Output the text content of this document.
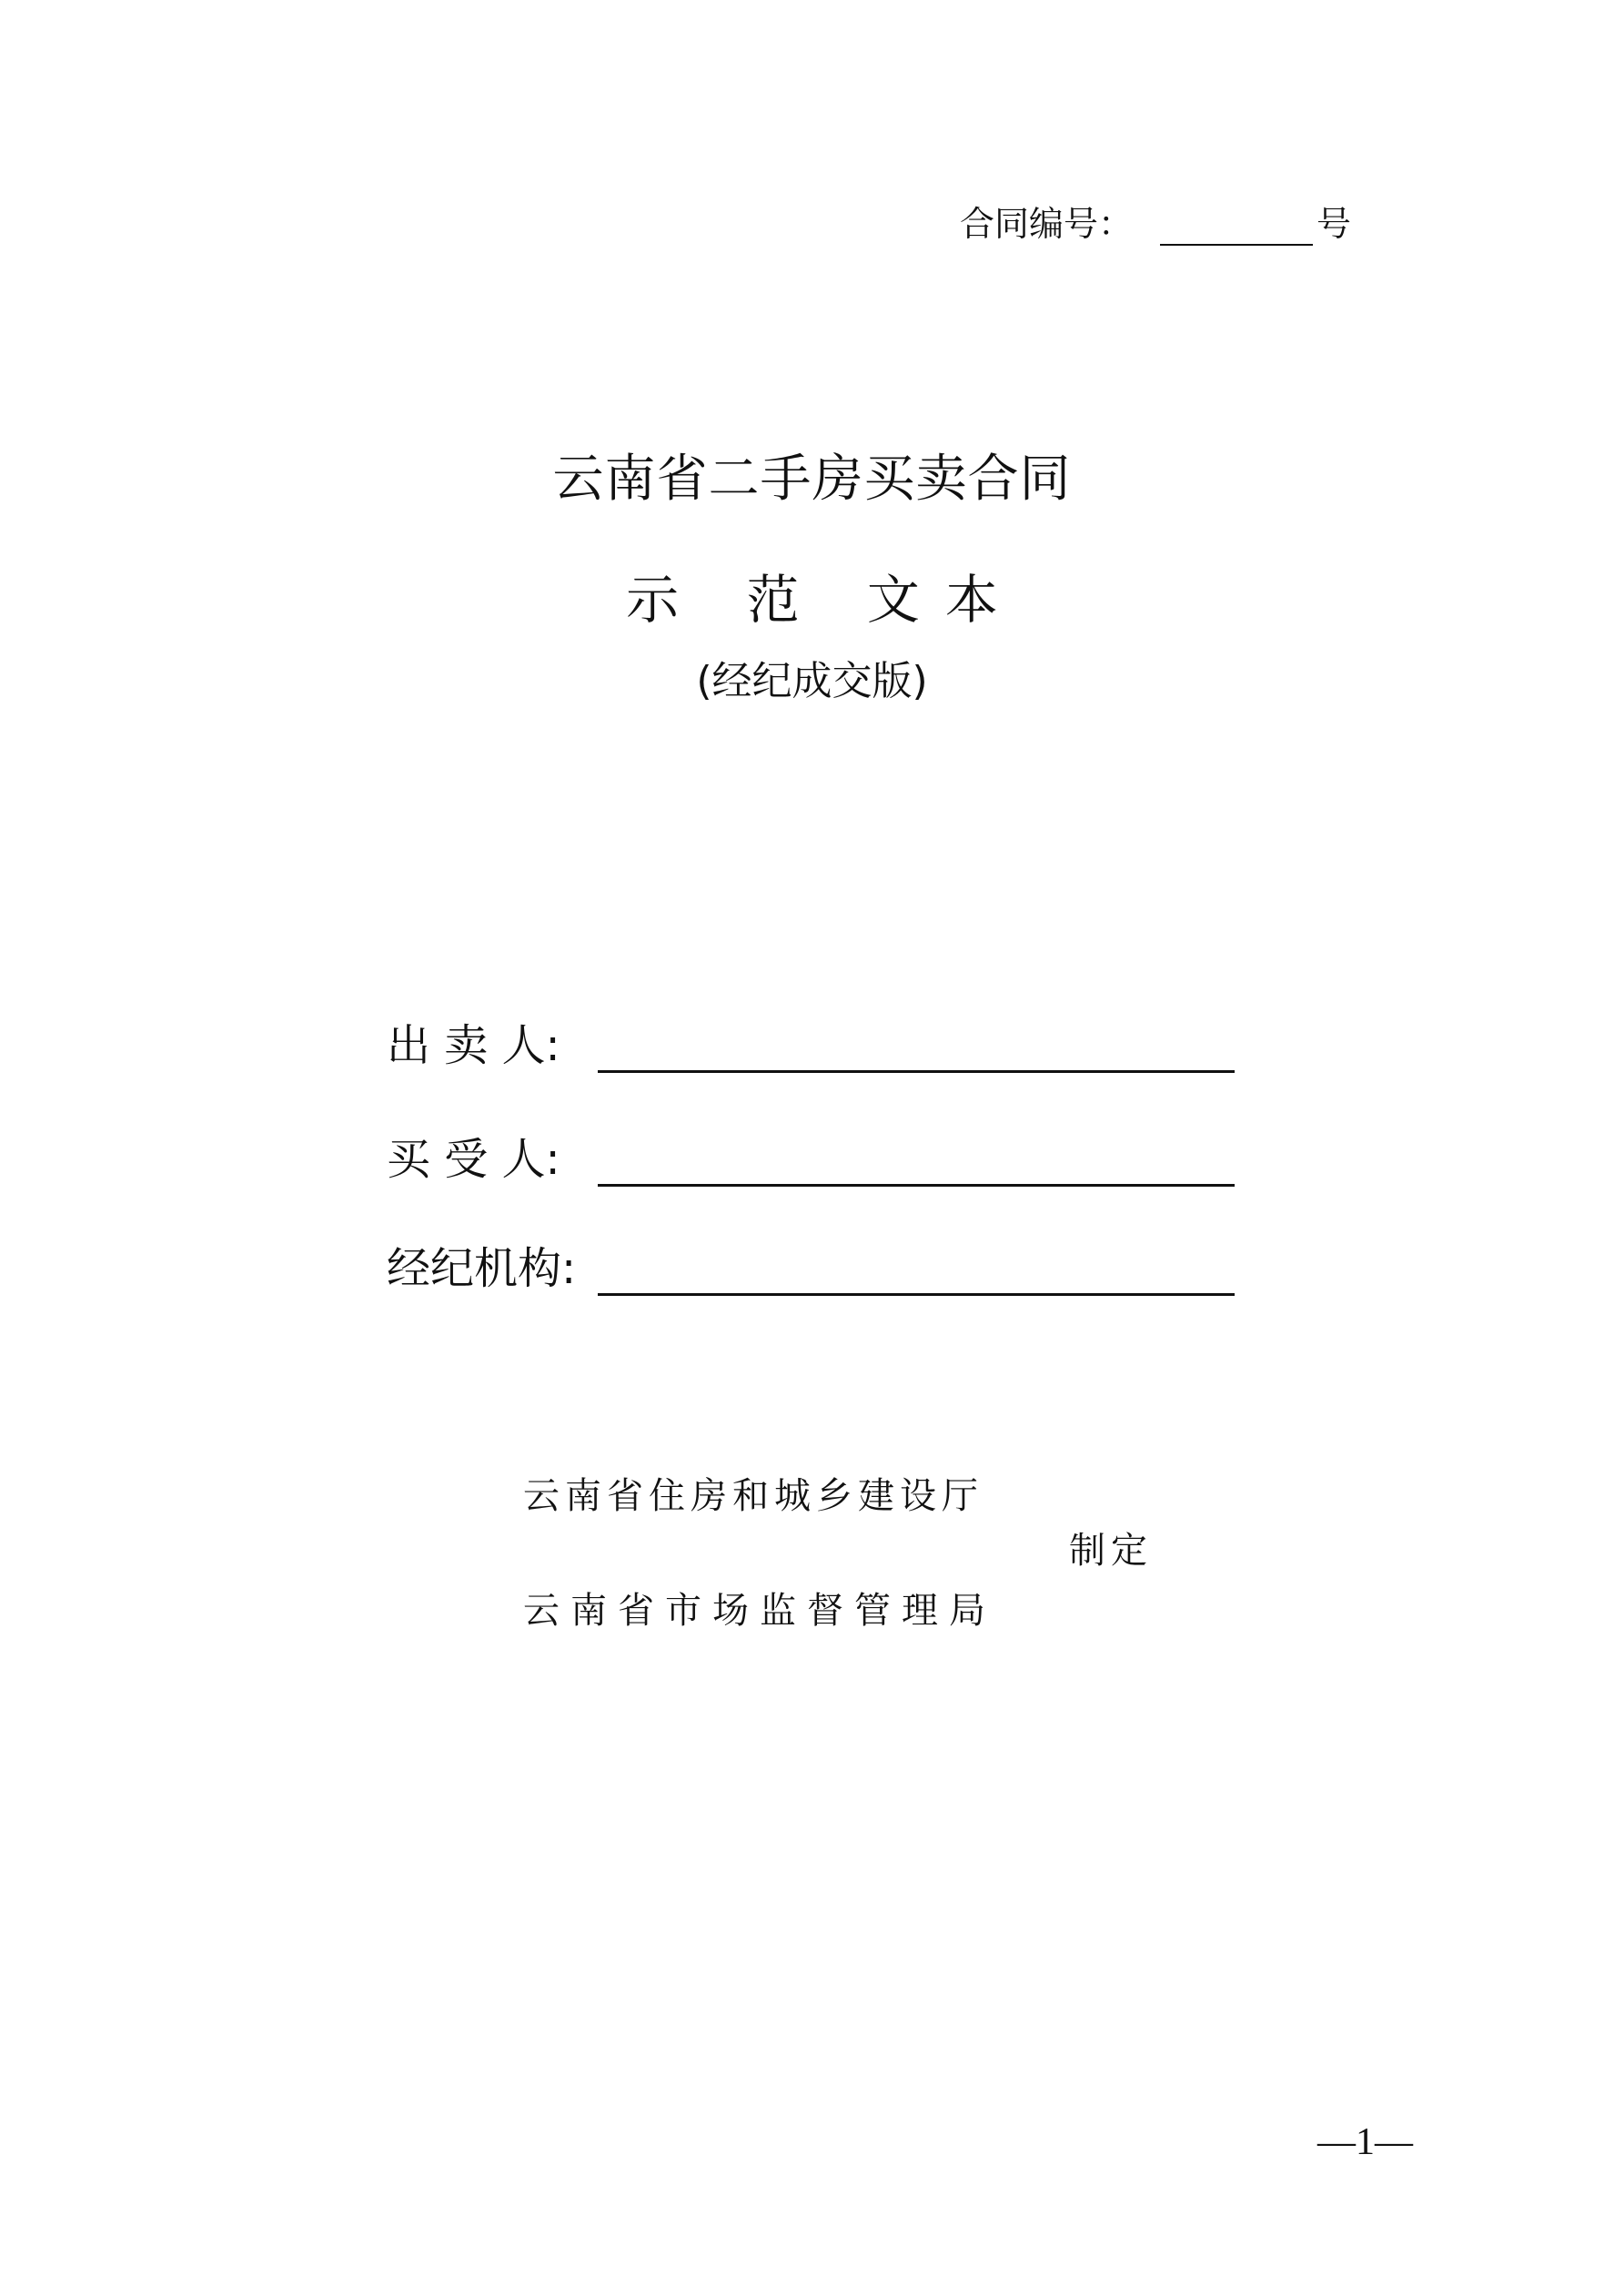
合同编号：	号
云南省二手房买卖合同
示 范 文本
(经纪成交版)
出 卖 人:
买 受 人:
经纪机构:
云南省住房和城乡建设厅
制定
云南省市场监督管理局
—1—
